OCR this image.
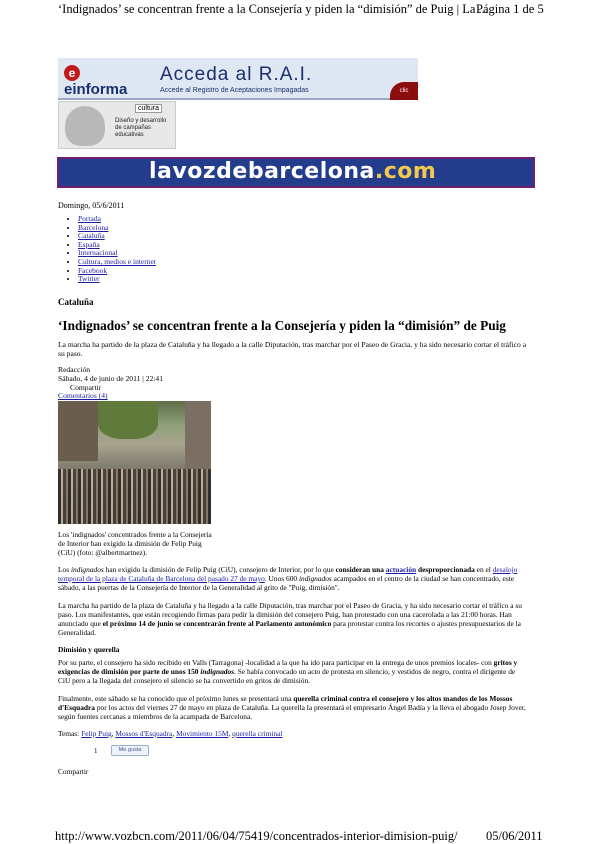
‘Indignados’ se concentran frente a la Consejería y piden la “dimisión” de Puig | La ...
Página 1 de 5
eeinforma
Acceda al R.A.I.
Accede al Registro de Aceptaciones Impagadas	clic
cultura
Diseño y desarrollo de campañas educativas
lavozdebarcelona.com
Domingo, 05/6/2011
• Portada
• Barcelona
• Cataluña
• España
• Internacional
• Cultura, medios e internet
• Facebook
• Twitter
Cataluña
‘Indignados’ se concentran frente a la Consejería y piden la “dimisión” de Puig
La marcha ha partido de la plaza de Cataluña y ha llegado a la calle Diputación, tras marchar por el Paseo de Gracia, y ha sido necesario cortar el tráfico a su paso.
Redacción
Sábado, 4 de junio de 2011 | 22:41
Compartir
Comentarios (4)
Los 'indignados' concentrados frente a la Consejería de Interior han exigido la dimisión de Felip Puig (CiU) (foto: @albertmartnez).
Los indignados han exigido la dimisión de Felip Puig (CiU), consejero de Interior, por lo que consideran una actuación desproporcionada en el desalojo temporal de la plaza de Cataluña de Barcelona del pasado 27 de mayo. Unos 600 indignados acampados en el centro de la ciudad se han concentrado, este sábado, a las puertas de la Consejería de Interior de la Generalidad al grito de "Puig, dimisión".
La marcha ha partido de la plaza de Cataluña y ha llegado a la calle Diputación, tras marchar por el Paseo de Gracia, y ha sido necesario cortar el tráfico a su paso. Los manifestantes, que están recogiendo firmas para pedir la dimisión del consejero Puig, han protestado con una cacerolada a las 21:00 horas. Han anunciado que el próximo 14 de junio se concentrarán frente al Parlamento autonómico para protestar contra los recortes o ajustes presupuestarios de la Generalidad.
Dimisión y querella
Por su parte, el consejero ha sido recibido en Valls (Tarragona) -localidad a la que ha ido para participar en la entrega de unos premios locales- con gritos y exigencias de dimisión por parte de unos 150 indignados. Se había convocado un acto de protesta en silencio, y vestidos de negro, contra el dirigente de CiU pero a la llegada del consejero el silencio se ha convertido en gritos de dimisión.
Finalmente, este sábado se ha conocido que el próximo lunes se presentará una querella criminal contra el consejero y los altos mandos de los Mossos d'Esquadra por los actos del viernes 27 de mayo en plaza de Cataluña. La querella la presentará el empresario Ángel Badía y la lleva el abogado Josep Jover, según fuentes cercanas a miembros de la acampada de Barcelona.
Temas: Felip Puig, Mossos d'Esquadra, Movimiento 15M, querella criminal
1	Me gusta
Compartir
http://www.vozbcn.com/2011/06/04/75419/concentrados-interior-dimision-puig/ 05/06/2011
